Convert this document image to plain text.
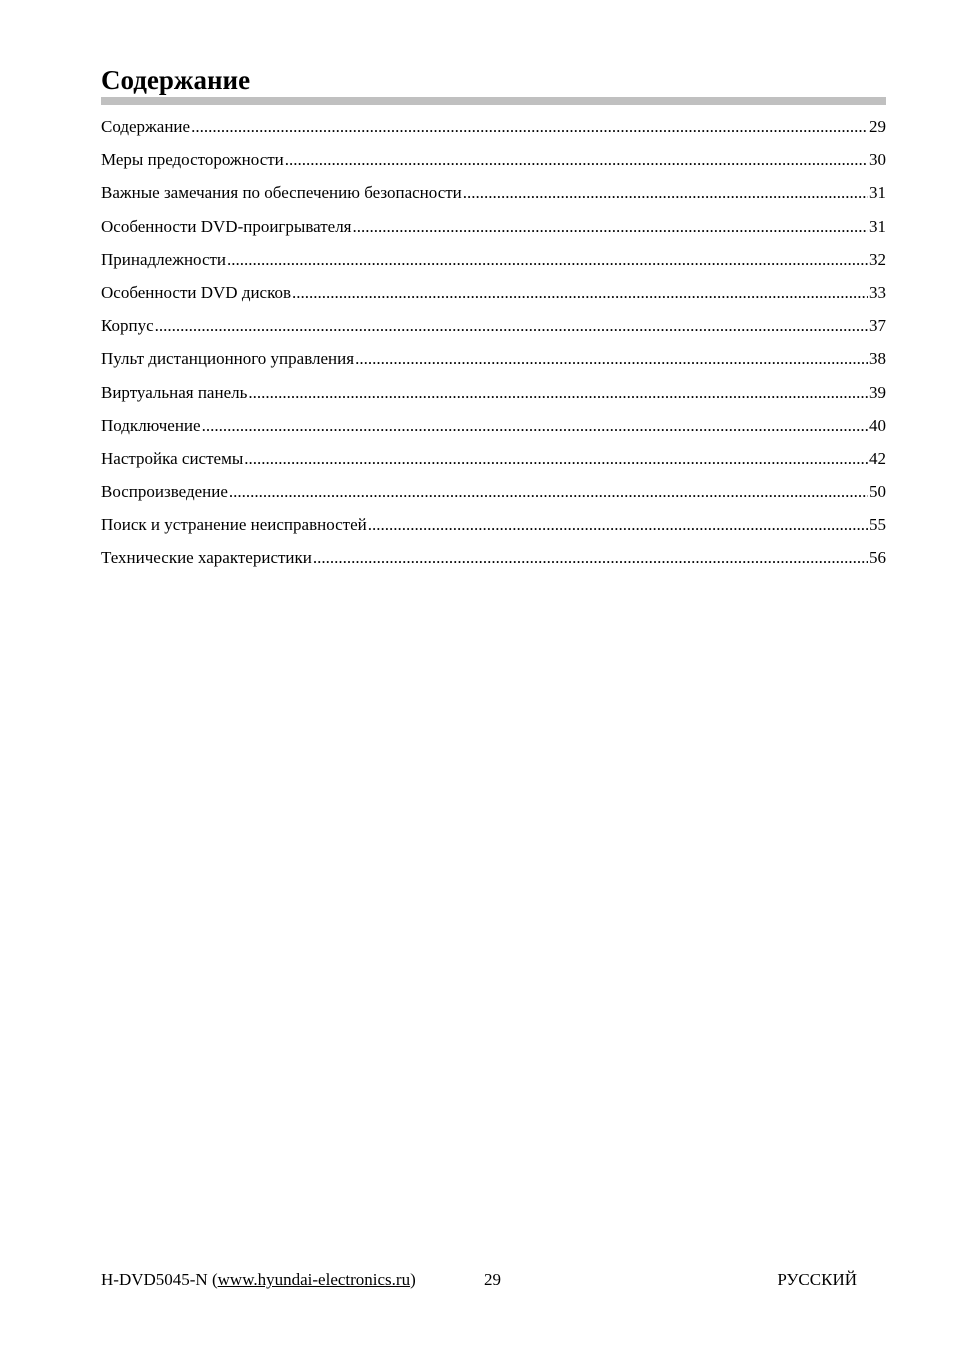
Содержание
Содержание .....	29
Меры предосторожности .....	30
Важные замечания по обеспечению безопасности .....	31
Особенности DVD-проигрывателя .....	31
Принадлежности .....	32
Особенности DVD дисков .....	33
Корпус .....	37
Пульт дистанционного управления .....	38
Виртуальная панель .....	39
Подключение .....	40
Настройка системы .....	42
Воспроизведение .....	50
Поиск и устранение неисправностей .....	55
Технические характеристики .....	56
H-DVD5045-N (www.hyundai-electronics.ru)	29	РУССКИЙ
